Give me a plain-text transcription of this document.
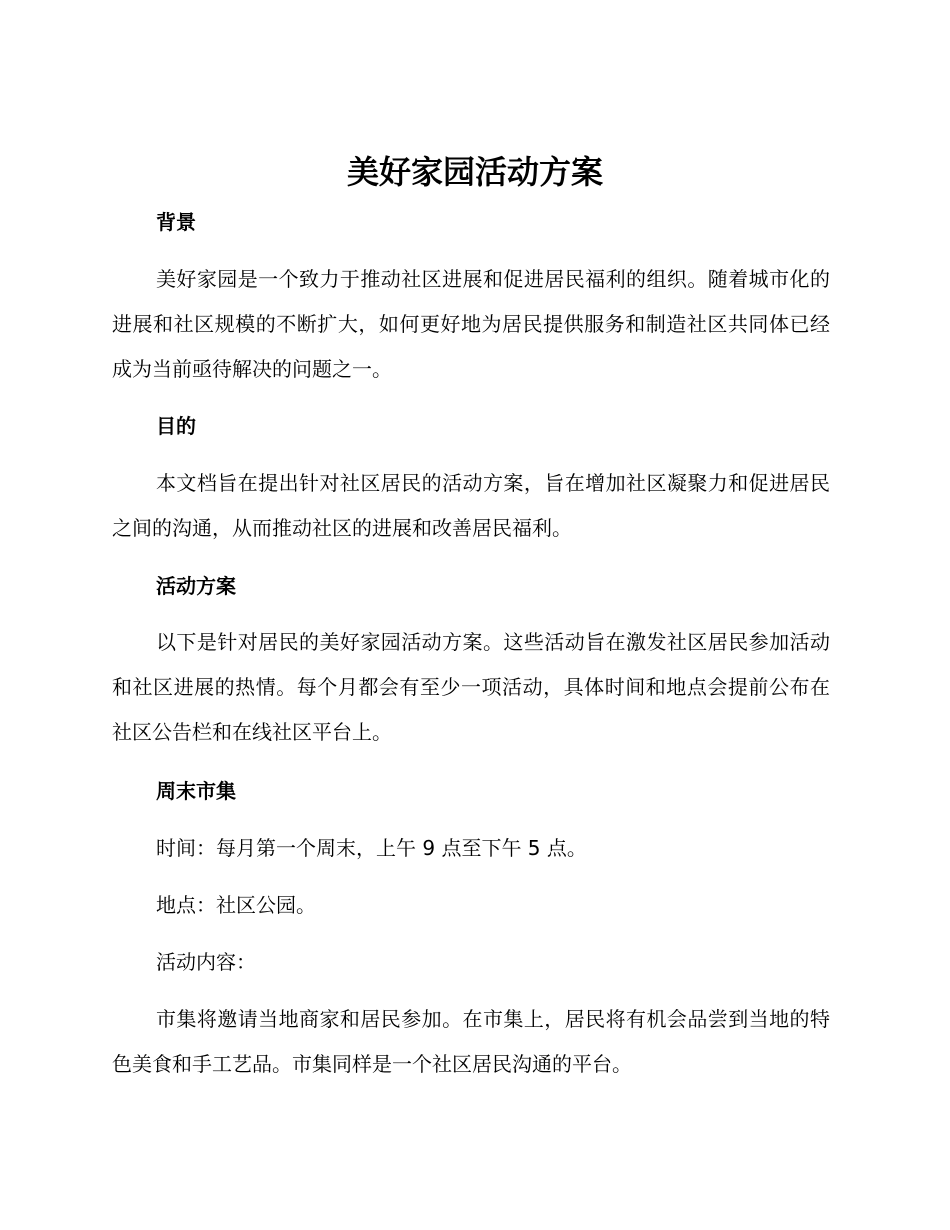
美好家园活动方案
背景

美好家园是一个致力于推动社区进展和促进居民福利的组织。随着城市化的进展和社区规模的不断扩大，如何更好地为居民提供服务和制造社区共同体已经成为当前亟待解决的问题之一。

目的

本文档旨在提出针对社区居民的活动方案，旨在增加社区凝聚力和促进居民之间的沟通，从而推动社区的进展和改善居民福利。

活动方案

以下是针对居民的美好家园活动方案。这些活动旨在激发社区居民参加活动和社区进展的热情。每个月都会有至少一项活动，具体时间和地点会提前公布在社区公告栏和在线社区平台上。

周末市集

时间：每月第一个周末，上午 9 点至下午 5 点。

地点：社区公园。

活动内容：

市集将邀请当地商家和居民参加。在市集上，居民将有机会品尝到当地的特色美食和手工艺品。市集同样是一个社区居民沟通的平台。
